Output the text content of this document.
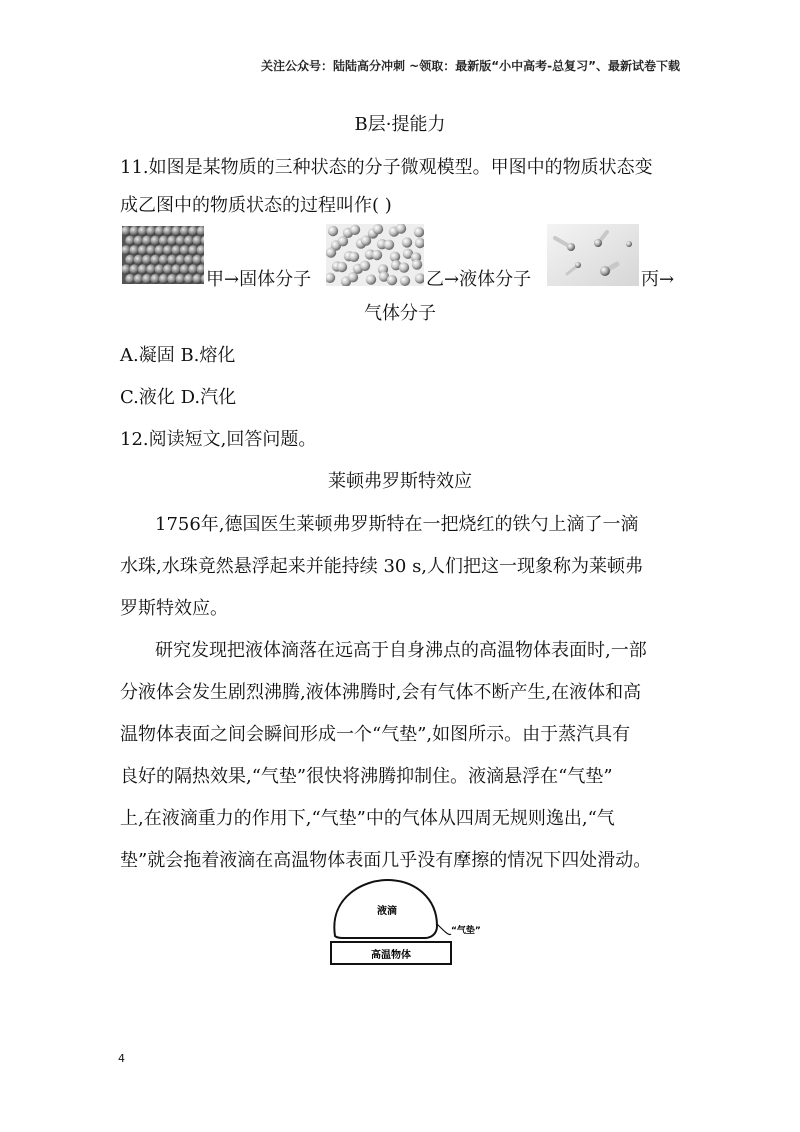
关注公众号：陆陆高分冲刺 ~领取：最新版“小中高考-总复习”、最新试卷下载
B层·提能力
11.如图是某物质的三种状态的分子微观模型。甲图中的物质状态变
成乙图中的物质状态的过程叫作( )
甲→固体分子	乙→液体分子	丙→
气体分子
A.凝固 B.熔化
C.液化 D.汽化
12.阅读短文,回答问题。
莱顿弗罗斯特效应
1756年,德国医生莱顿弗罗斯特在一把烧红的铁勺上滴了一滴
水珠,水珠竟然悬浮起来并能持续 30 s,人们把这一现象称为莱顿弗
罗斯特效应。
研究发现把液体滴落在远高于自身沸点的高温物体表面时,一部
分液体会发生剧烈沸腾,液体沸腾时,会有气体不断产生,在液体和高
温物体表面之间会瞬间形成一个“气垫”,如图所示。由于蒸汽具有
良好的隔热效果,“气垫”很快将沸腾抑制住。液滴悬浮在“气垫”
上,在液滴重力的作用下,“气垫”中的气体从四周无规则逸出,“气
垫”就会拖着液滴在高温物体表面几乎没有摩擦的情况下四处滑动。
液滴
“气垫”
高温物体
4
